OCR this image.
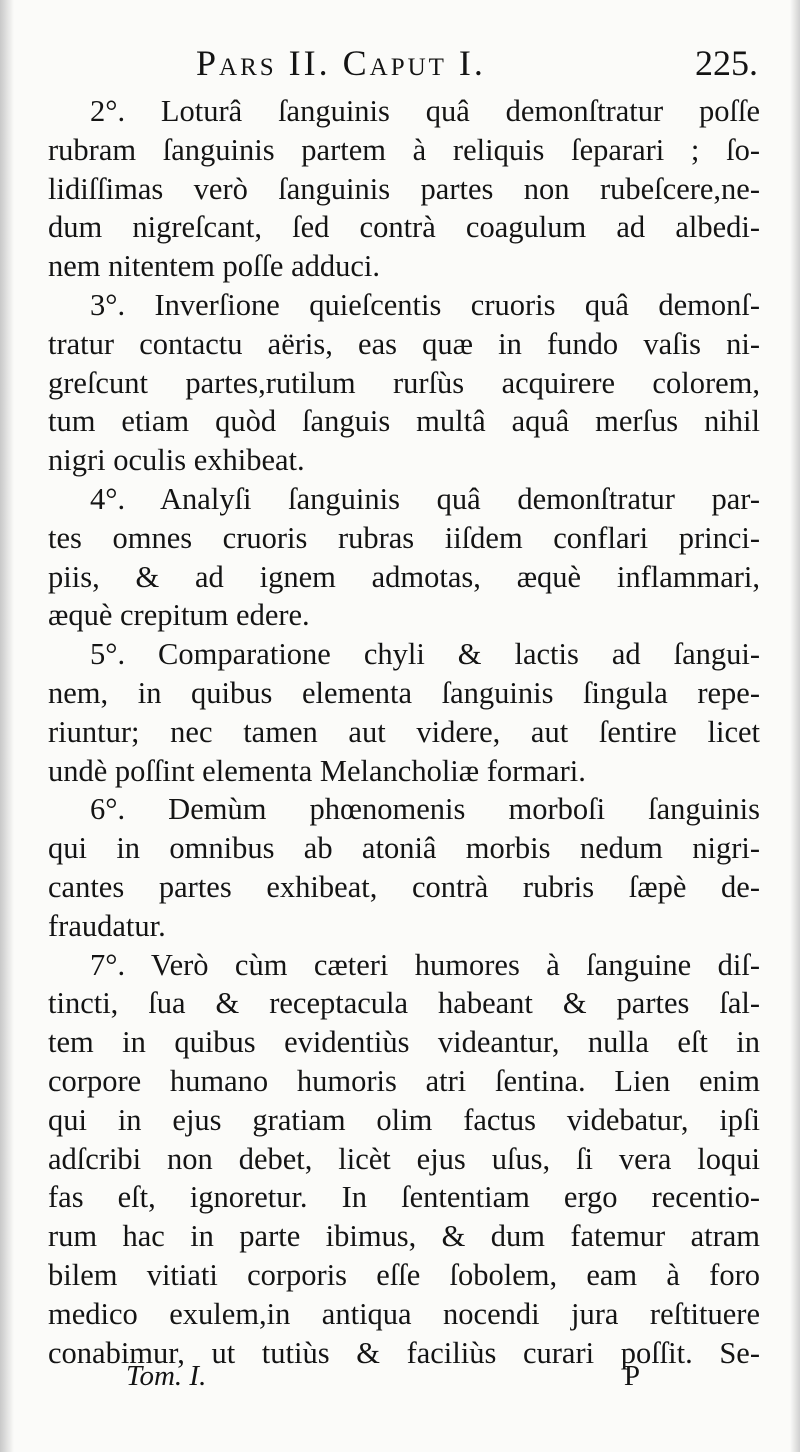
Pars II. Caput I.	225.
2°. Loturâ ſanguinis quâ demonſtratur poſſe
rubram ſanguinis partem à reliquis ſeparari ; ſo-
lidiſſimas verò ſanguinis partes non rubeſcere,ne-
dum nigreſcant, ſed contrà coagulum ad albedi-
nem nitentem poſſe adduci.
3°. Inverſione quieſcentis cruoris quâ demonſ-
tratur contactu aëris, eas quæ in fundo vaſis ni-
greſcunt partes,rutilum rurſùs acquirere colorem,
tum etiam quòd ſanguis multâ aquâ merſus nihil
nigri oculis exhibeat.
4°. Analyſi ſanguinis quâ demonſtratur par-
tes omnes cruoris rubras iiſdem conflari princi-
piis, & ad ignem admotas, æquè inflammari,
æquè crepitum edere.
5°. Comparatione chyli & lactis ad ſangui-
nem, in quibus elementa ſanguinis ſingula repe-
riuntur; nec tamen aut videre, aut ſentire licet
undè poſſint elementa Melancholiæ formari.
6°. Demùm phœnomenis morboſi ſanguinis
qui in omnibus ab atoniâ morbis nedum nigri-
cantes partes exhibeat, contrà rubris ſæpè de-
fraudatur.
7°. Verò cùm cæteri humores à ſanguine diſ-
tincti, ſua & receptacula habeant & partes ſal-
tem in quibus evidentiùs videantur, nulla eſt in
corpore humano humoris atri ſentina. Lien enim
qui in ejus gratiam olim factus videbatur, ipſi
adſcribi non debet, licèt ejus uſus, ſi vera loqui
fas eſt, ignoretur. In ſententiam ergo recentio-
rum hac in parte ibimus, & dum fatemur atram
bilem vitiati corporis eſſe ſobolem, eam à foro
medico exulem,in antiqua nocendi jura reſtituere
conabimur, ut tutiùs & faciliùs curari poſſit. Se-
Tom. I.	P
